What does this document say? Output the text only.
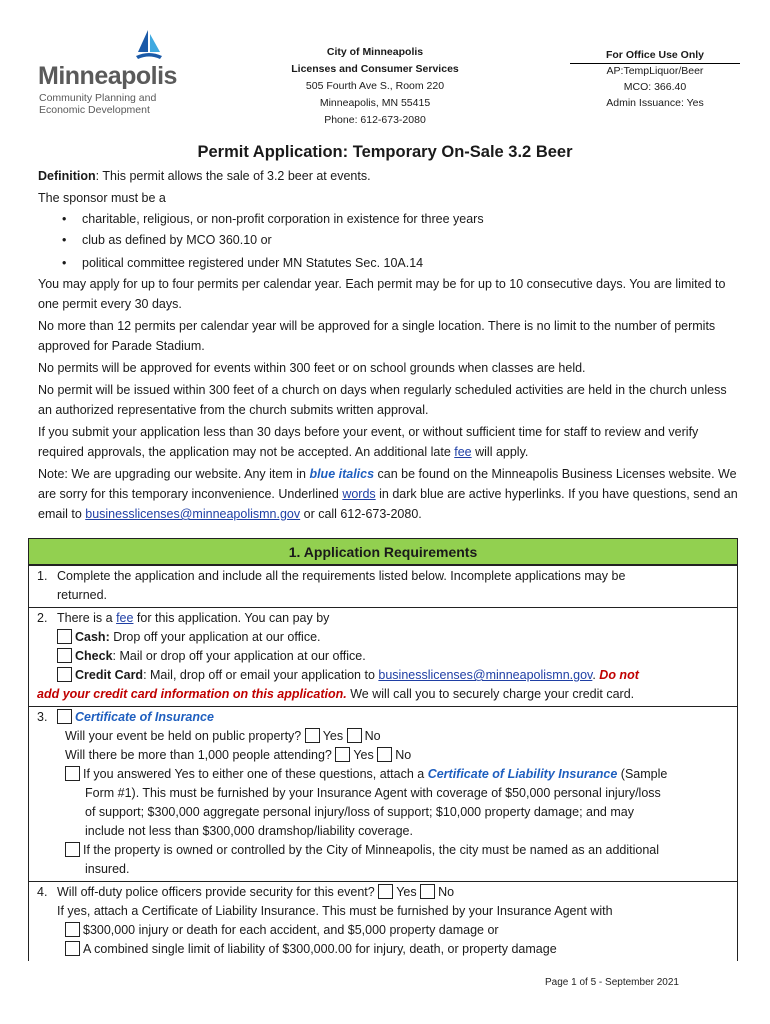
Minneapolis
Community Planning and
Economic Development
City of Minneapolis
Licenses and Consumer Services
505 Fourth Ave S., Room 220
Minneapolis, MN 55415
Phone: 612-673-2080
For Office Use Only
AP:TempLiquor/Beer
MCO: 366.40
Admin Issuance: Yes
Permit Application: Temporary On-Sale 3.2 Beer

Definition: This permit allows the sale of 3.2 beer at events.

The sponsor must be a

• charitable, religious, or non-profit corporation in existence for three years
• club as defined by MCO 360.10 or
• political committee registered under MN Statutes Sec. 10A.14

You may apply for up to four permits per calendar year. Each permit may be for up to 10 consecutive days. You are limited to one permit every 30 days.

No more than 12 permits per calendar year will be approved for a single location. There is no limit to the number of permits approved for Parade Stadium.

No permits will be approved for events within 300 feet or on school grounds when classes are held.

No permit will be issued within 300 feet of a church on days when regularly scheduled activities are held in the church unless an authorized representative from the church submits written approval.

If you submit your application less than 30 days before your event, or without sufficient time for staff to review and verify required approvals, the application may not be accepted. An additional late fee will apply.

Note: We are upgrading our website. Any item in blue italics can be found on the Minneapolis Business Licenses website. We are sorry for this temporary inconvenience. Underlined words in dark blue are active hyperlinks. If you have questions, send an email to businesslicenses@minneapolismn.gov or call 612-673-2080.

1. Application Requirements
1. Complete the application and include all the requirements listed below. Incomplete applications may be
returned.
2. There is a fee for this application. You can pay by
Cash: Drop off your application at our office.
Check: Mail or drop off your application at our office.
Credit Card: Mail, drop off or email your application to businesslicenses@minneapolismn.gov. Do not
add your credit card information on this application. We will call you to securely charge your credit card.
3. Certificate of Insurance
Will your event be held on public property? Yes No
Will there be more than 1,000 people attending? Yes No
If you answered Yes to either one of these questions, attach a Certificate of Liability Insurance (Sample
Form #1). This must be furnished by your Insurance Agent with coverage of $50,000 personal injury/loss
of support; $300,000 aggregate personal injury/loss of support; $10,000 property damage; and may
include not less than $300,000 dramshop/liability coverage.
If the property is owned or controlled by the City of Minneapolis, the city must be named as an additional
insured.
4. Will off-duty police officers provide security for this event? Yes No
If yes, attach a Certificate of Liability Insurance. This must be furnished by your Insurance Agent with
$300,000 injury or death for each accident, and $5,000 property damage or
A combined single limit of liability of $300,000.00 for injury, death, or property damage
Page 1 of 5 - September 2021
